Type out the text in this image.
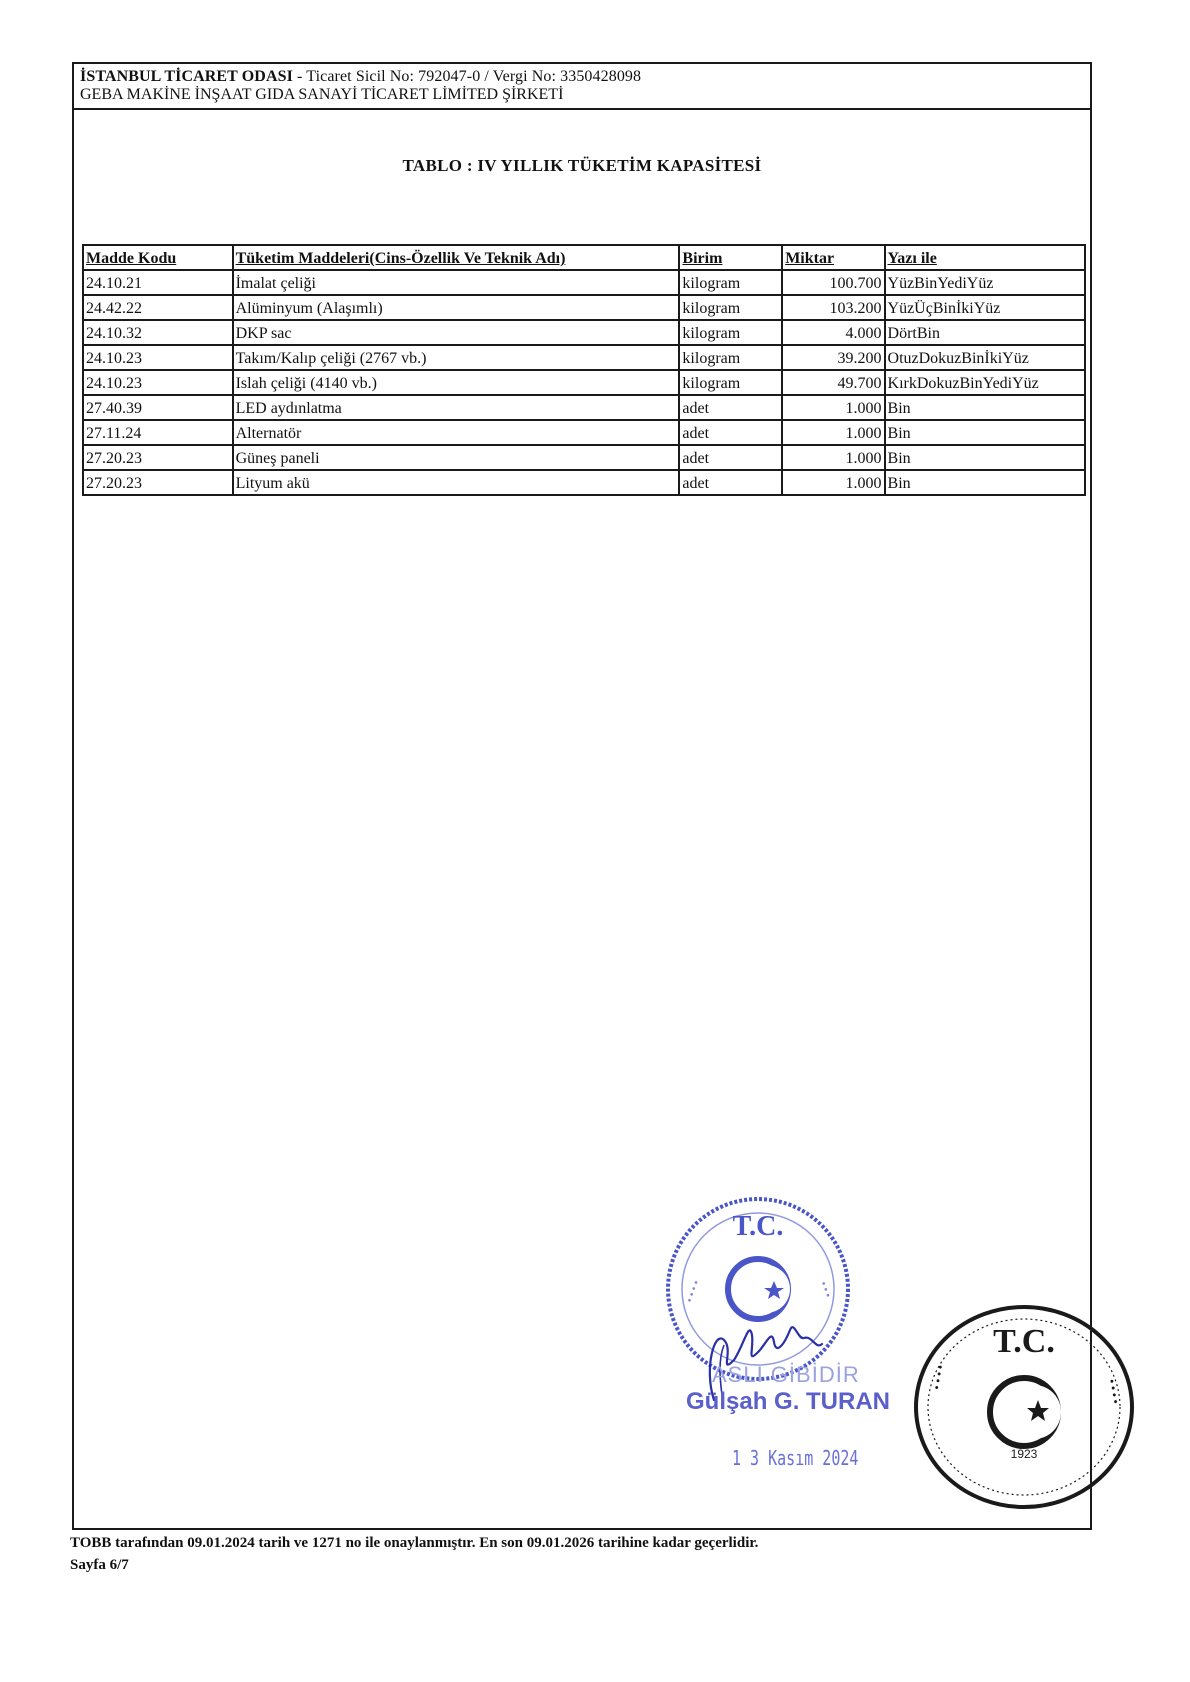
İSTANBUL TİCARET ODASI - Ticaret Sicil No: 792047-0 / Vergi No: 3350428098
GEBA MAKİNE İNŞAAT GIDA SANAYİ TİCARET LİMİTED ŞİRKETİ
TABLO : IV YILLIK TÜKETİM KAPASİTESİ
Madde Kodu	Tüketim Maddeleri(Cins-Özellik Ve Teknik Adı)	Birim	Miktar	Yazı ile
24.10.21	İmalat çeliği	kilogram	100.700	YüzBinYediYüz
24.42.22	Alüminyum (Alaşımlı)	kilogram	103.200	YüzÜçBinİkiYüz
24.10.32	DKP sac	kilogram	4.000	DörtBin
24.10.23	Takım/Kalıp çeliği (2767 vb.)	kilogram	39.200	OtuzDokuzBinİkiYüz
24.10.23	Islah çeliği (4140 vb.)	kilogram	49.700	KırkDokuzBinYediYüz
27.40.39	LED aydınlatma	adet	1.000	Bin
27.11.24	Alternatör	adet	1.000	Bin
27.20.23	Güneş paneli	adet	1.000	Bin
27.20.23	Lityum akü	adet	1.000	Bin
T.C.
• • • •	• • •
ASLI GİBİDİR
Gülşah G. TURAN
1 3 Kasım 2024
T.C.
1923
• • • •
• • • •
TOBB tarafından 09.01.2024 tarih ve 1271 no ile onaylanmıştır. En son 09.01.2026 tarihine kadar geçerlidir.
Sayfa 6/7
